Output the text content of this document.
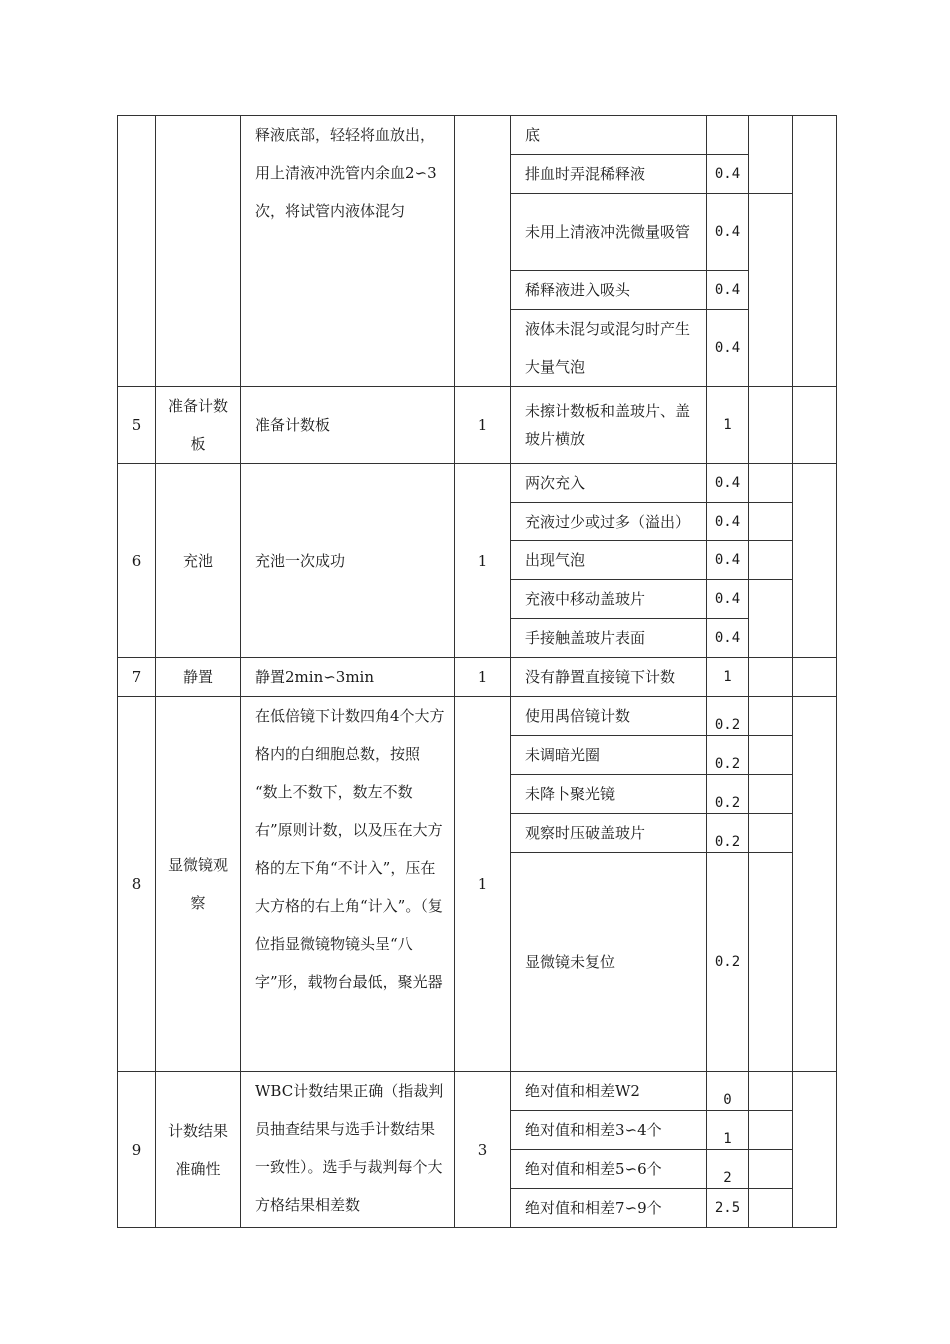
		释液底部，轻轻将血放出，用上清液冲洗管内余血2∽3次，将试管内液体混匀		底			
				排血时弄混稀释液	0.4		
				未用上清液冲洗微量吸管	0.4		
				稀释液进入吸头	0.4		
				液体未混匀或混匀时产生大量气泡	0.4		

5	准备计数板	准备计数板	1	未擦计数板和盖玻片、盖
玻片横放	1		
6	充池	充池一次成功	1	两次充入	0.4		
				充液过少或过多（溢出）	0.4		
				出现气泡	0.4		
				充液中移动盖玻片	0.4		
				手接触盖玻片表面	0.4		
7	静置	静置2min∽3min	1	没有静置直接镜下计数	1		
8	显微镜观察	在低倍镜下计数四角4个大方格内的白细胞总数，按照
“数上不数下，数左不数右”原则计数，以及压在大方格的左下角“不计入”，压在大方格的右上角“计入”。（复位指显微镜物镜头呈“八字”形，载物台最低，聚光器	1	使用禺倍镜计数	0.2		
				未调暗光圈	0.2		
				未降卜聚光镜	0.2		
				观察时压破盖玻片	0.2		
				显微镜未复位	0.2		
9	计数结果准确性	WBC计数结果正确（指裁判员抽查结果与选手计数结果一致性）。选手与裁判每个大方格结果相差数	3	绝对值和相差W2	0		
				绝对值和相差3∽4个	1		
				绝对值和相差5∽6个	2		
				绝对值和相差7∽9个	2.5		
